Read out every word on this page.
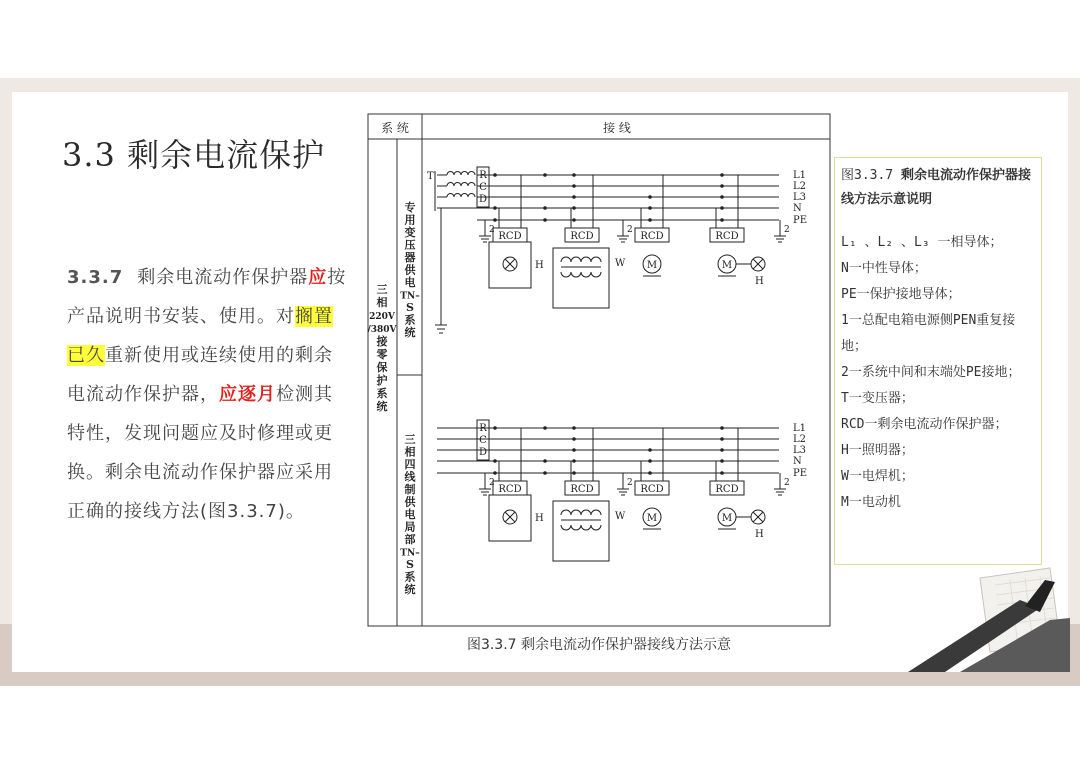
3.3 剩余电流保护
3.3.7 剩余电流动作保护器应按产品说明书安装、使用。对搁置已久重新使用或连续使用的剩余电流动作保护器，应逐月检测其特性，发现问题应及时修理或更换。剩余电流动作保护器应采用正确的接线方法(图3.3.7)。
系 统	接 线
三
相
220V
/380V
接
零
保
护
系
统
专
用
变
压
器
供
电
TN–
S
系
统
三
相
四
线
制
供
电
局
部
TN–
S
系
统
L1
L2
L3
N
PE
T	R
C
D
2	2	2
RCD
H
RCD
W
RCD
M
RCD
M
H
L1
L2
L3
N
PE
R
C
D
2	2	2
RCD
H
RCD
W
RCD
M
RCD
M
H
图3.3.7 剩余电流动作保护器接线方法示意
图3.3.7 剩余电流动作保护器接线方法示意说明
L₁ 、L₂ 、L₃ 一相导体；
N一中性导体；
PE一保护接地导体；
1一总配电箱电源侧PEN重复接地；
2一系统中间和末端处PE接地；
T一变压器；
RCD一剩余电流动作保护器；
H一照明器；
W一电焊机；
M一电动机
